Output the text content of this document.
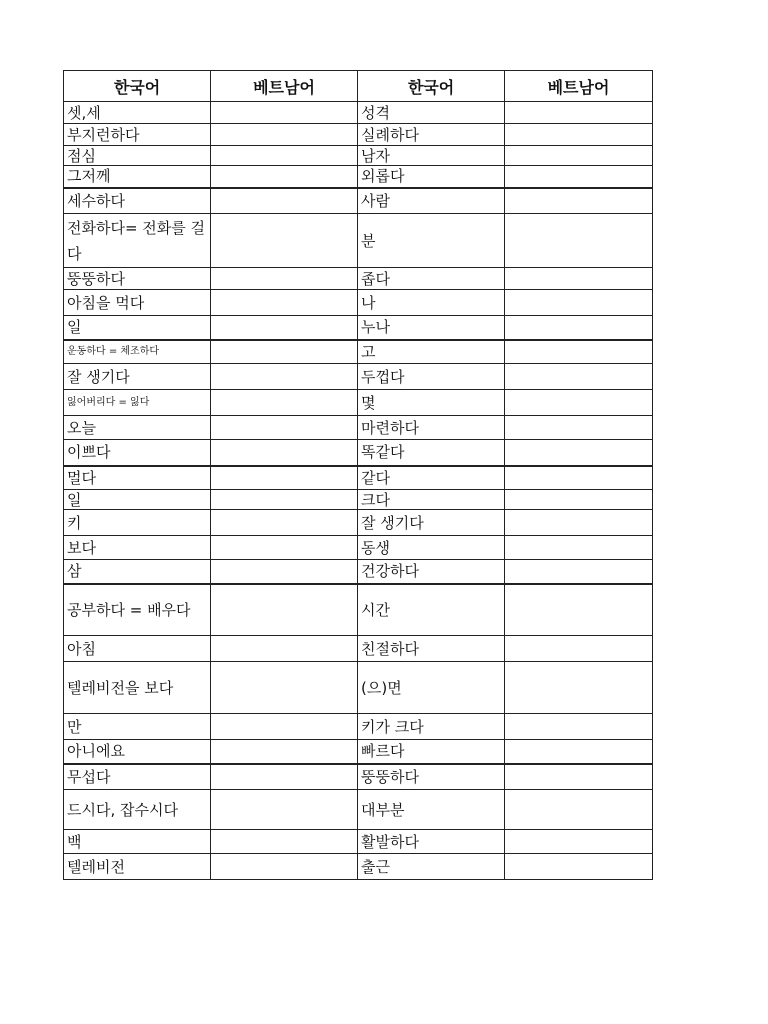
한국어	베트남어	한국어	베트남어
셋,세		성격	
부지런하다		실례하다	
점심		남자	
그저께		외롭다	
세수하다		사람	
전화하다= 전화를 걸다		분	
뚱뚱하다		좁다	
아침을 먹다		나	
일		누나	
운동하다 = 체조하다		고	
잘 생기다		두껍다	
잃어버리다 = 잃다		몇	
오늘		마련하다	
이쁘다		똑같다	
멀다		같다	
일		크다	
키		잘 생기다	
보다		동생	
삼		건강하다	
공부하다 = 배우다		시간	
아침		친절하다	
텔레비전을 보다		(으)면	
만		키가 크다	
아니에요		빠르다	
무섭다		뚱뚱하다	
드시다, 잡수시다		대부분	
백		활발하다	
텔레비전		출근	
